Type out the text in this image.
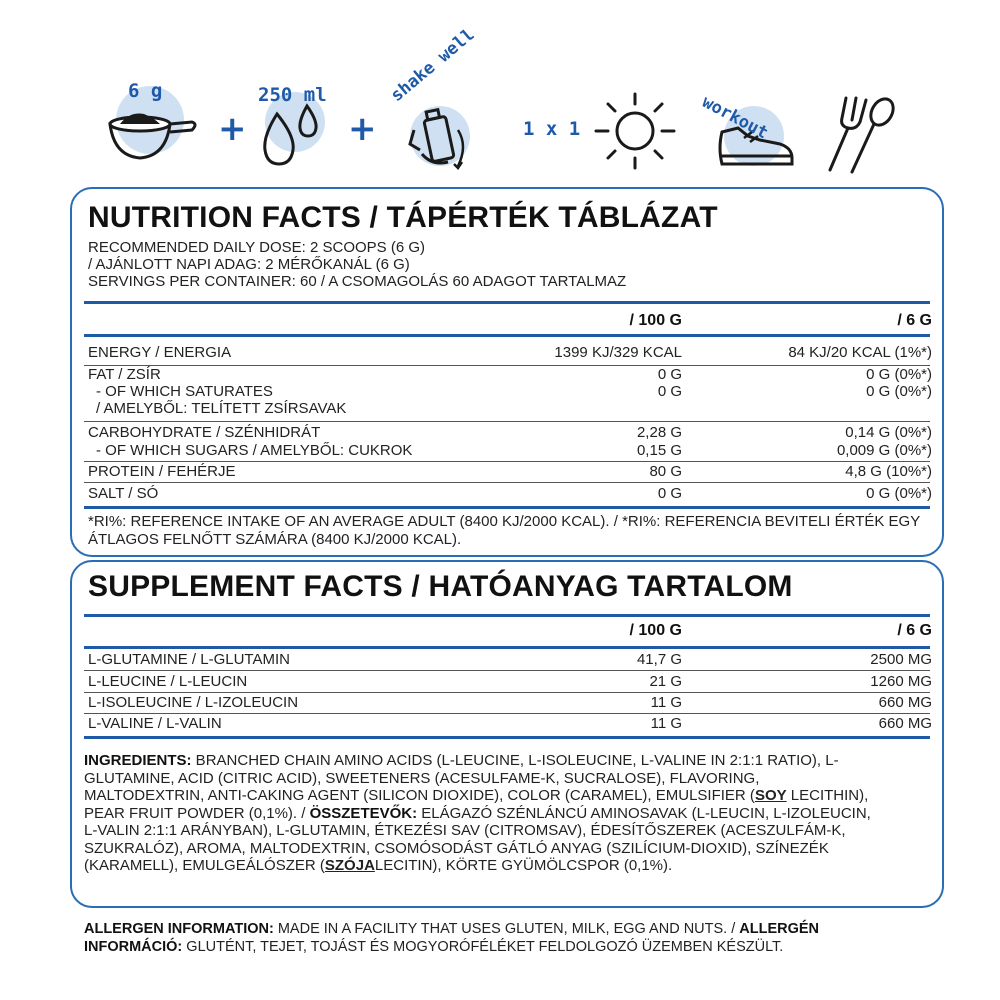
6 g
+
250 ml
+
shake well
1 x 1	workout
NUTRITION FACTS / TÁPÉRTÉK TÁBLÁZAT
RECOMMENDED DAILY DOSE: 2 SCOOPS (6 G)
/ AJÁNLOTT NAPI ADAG: 2 MÉRŐKANÁL (6 G)
SERVINGS PER CONTAINER: 60 / A CSOMAGOLÁS 60 ADAGOT TARTALMAZ
/ 100 G	/ 6 G
ENERGY / ENERGIA	1399 KJ/329 KCAL	84 KJ/20 KCAL (1%*)
FAT / ZSÍR	0 G	0 G (0%*)
- OF WHICH SATURATES	0 G	0 G (0%*)
/ AMELYBŐL: TELÍTETT ZSÍRSAVAK
CARBOHYDRATE / SZÉNHIDRÁT	2,28 G	0,14 G (0%*)
- OF WHICH SUGARS / AMELYBŐL: CUKROK	0,15 G	0,009 G (0%*)
PROTEIN / FEHÉRJE	80 G	4,8 G (10%*)
SALT / SÓ	0 G	0 G (0%*)
*RI%: REFERENCE INTAKE OF AN AVERAGE ADULT (8400 KJ/2000 KCAL). / *RI%: REFERENCIA BEVITELI ÉRTÉK EGY ÁTLAGOS FELNŐTT SZÁMÁRA (8400 KJ/2000 KCAL).
SUPPLEMENT FACTS / HATÓANYAG TARTALOM
/ 100 G	/ 6 G
L-GLUTAMINE / L-GLUTAMIN	41,7 G	2500 MG
L-LEUCINE / L-LEUCIN	21 G	1260 MG
L-ISOLEUCINE / L-IZOLEUCIN	11 G	660 MG
L-VALINE / L-VALIN	11 G	660 MG
INGREDIENTS: BRANCHED CHAIN AMINO ACIDS (L-LEUCINE, L-ISOLEUCINE, L-VALINE IN 2:1:1 RATIO), L-GLUTAMINE, ACID (CITRIC ACID), SWEETENERS (ACESULFAME-K, SUCRALOSE), FLAVORING, MALTODEXTRIN, ANTI-CAKING AGENT (SILICON DIOXIDE), COLOR (CARAMEL), EMULSIFIER (SOY LECITHIN), PEAR FRUIT POWDER (0,1%). / ÖSSZETEVŐK: ELÁGAZÓ SZÉNLÁNCÚ AMINOSAVAK (L-LEUCIN, L-IZOLEUCIN, L-VALIN 2:1:1 ARÁNYBAN), L-GLUTAMIN, ÉTKEZÉSI SAV (CITROMSAV), ÉDESÍTŐSZEREK (ACESZULFÁM-K, SZUKRALÓZ), AROMA, MALTODEXTRIN, CSOMÓSODÁST GÁTLÓ ANYAG (SZILÍCIUM-DIOXID), SZÍNEZÉK (KARAMELL), EMULGEÁLÓSZER (SZÓJALECITIN), KÖRTE GYÜMÖLCSPOR (0,1%).
ALLERGEN INFORMATION: MADE IN A FACILITY THAT USES GLUTEN, MILK, EGG AND NUTS. / ALLERGÉN INFORMÁCIÓ: GLUTÉNT, TEJET, TOJÁST ÉS MOGYORÓFÉLÉKET FELDOLGOZÓ ÜZEMBEN KÉSZÜLT.
